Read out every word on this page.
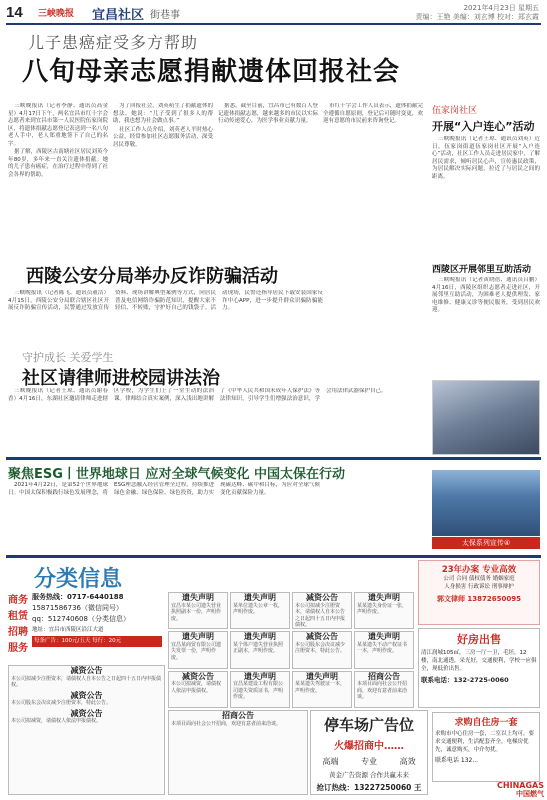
14 三峡晚报 宜昌社区 街巷事
2021年4月23日 星期五
责编：王艳 美编：刘玄博 校对：郑玄霞
儿子患癌症受多方帮助
八旬母亲志愿捐献遗体回报社会

三峡晚报讯（记者李静、通讯员高金星）4月17日下午，两名宜昌市红十字会志愿者来到宜昌市第一人民医院伍家岗院区，将遗体捐献志愿登记表送到一名八旬老人手中，老人郑重地签下了自己的名字。

据了解，西陵区古南塘社区居民刘英今年80岁，多年来一直关注遗体捐献。她的儿子患有癌症，在治疗过程中得到了社会各界的帮助。

为了回报社会，刘英萌生了捐献遗体的想法。她说：“儿子受到了很多人的帮助，我也想为社会做点事。”

社区工作人员介绍，刘英老人平时热心公益，经常参加社区志愿服务活动，深受居民尊敬。

据悉，截至目前，宜昌市已有数百人登记遗体捐献志愿，越来越多的市民以实际行动传递爱心，为医学事业贡献力量。

市红十字会工作人员表示，遗体捐献完全遵循自愿原则，登记后可随时变更，欢迎有意愿的市民前来咨询登记。

伍家岗社区
开展“入户连心”活动

三峡晚报讯（记者王琼、通讯员刘英）近日，伍家岗街道伍家岗社区开展“入户连心”活动，社区工作人员走进居民家中，了解居民需求，倾听居民心声，宣传惠民政策，为居民解决实际问题，拉近了与居民之间的距离。

西陵公安分局举办反诈防骗活动

三峡晚报讯（记者陈飞、通讯员董洁）4月15日，西陵公安分局联合辖区社区开展反诈防骗宣传活动，民警通过发放宣传资料、现场讲解典型案例等方式，向居民普及电信网络诈骗防范知识，提醒大家不轻信、不转账，守护好自己的钱袋子。活动现场，民警还指导居民下载安装国家反诈中心APP，进一步提升群众识骗防骗能力。

西陵区开展邻里互助活动

三峡晚报讯（记者黄晓蓓、通讯员吕鹏）4月16日，西陵区组织志愿者走进社区，开展邻里互助活动，为困难老人提供理发、家电维修、健康义诊等便民服务，受到居民欢迎。

守护成长 关爱学生
社区请律师进校园讲法治

三峡晚报讯（记者王琼、通讯员谢春香）4月16日，东湖社区邀请律师走进辖区学校，为学生们上了一堂生动的法治课。律师结合真实案例，深入浅出地讲解了《中华人民共和国未成年人保护法》等法律知识，引导学生们增强法治意识，学会用法律武器保护自己。

聚焦ESG丨世界地球日 应对全球气候变化 中国太保在行动

2021年4月22日，是第52个世界地球日。中国太保积极践行绿色发展理念，将ESG理念融入经营管理全过程，持续推进绿色金融、绿色保险、绿色投资，助力实现碳达峰、碳中和目标，为应对全球气候变化贡献保险力量。

太保系列宣传④
分类信息
商务
租赁
招聘
服务
服务热线：0717-6440188
15871586736（微信同号）
qq：512740608（分类信息）
地址：宜昌市西陵区沿江大道
每条广告：100元/五天 每行：20元
遗失声明
宜昌市某公司遗失营业执照副本一份，声明作废。
遗失声明
某单位遗失公章一枚，声明作废。
减资公告
本公司拟减少注册资本，请债权人自本公告之日起四十五日内申报债权。
遗失声明
某某遗失身份证一张，声明作废。
遗失声明
宜昌某商贸有限公司遗失发票一份，声明作废。
遗失声明
某个体户遗失营业执照正副本，声明作废。
减资公告
本公司股东会决议减少注册资本，特此公告。
遗失声明
某某遗失不动产权证书一本，声明作废。
减资公告
本公司拟减资，请债权人依法申报债权。
遗失声明
宜昌某建设工程有限公司遗失资质证书，声明作废。
遗失声明
某某遗失驾驶证一本，声明作废。
招商公告
本项目面向社会公开招商，欢迎有意者前来洽谈。
减资公告
本公司拟减少注册资本，请债权人自本公告之日起四十五日内申报债权。
减资公告
本公司股东会决议减少注册资本，特此公告。
减资公告
本公司拟减资，请债权人依法申报债权。
招商公告
本项目面向社会公开招商，欢迎有意者前来洽谈。	停车场广告位
火爆招商中……
高端	专业	高效
黄金广告资源 合作共赢未来
抢订热线：13227250060 王
23年办案 专业高效
公司 合同 债权债务 婚姻家庭
人身损害 行政诉讼 刑事辩护
郭文律师 13872650095
好房出售
清江润城105㎡，三房一厅一卫，毛坯，12楼，南北通透，采光好，交通便利，学校一应俱全，现低价出售。
联系电话：132-2725-0060
求购自住房一套
求购市中心住房一套，二室以上均可，要求交通便利，生活配套齐全，电梯房优先，诚意购买，中介勿扰。
联系电话 132...
CHINAGAS
中国燃气
